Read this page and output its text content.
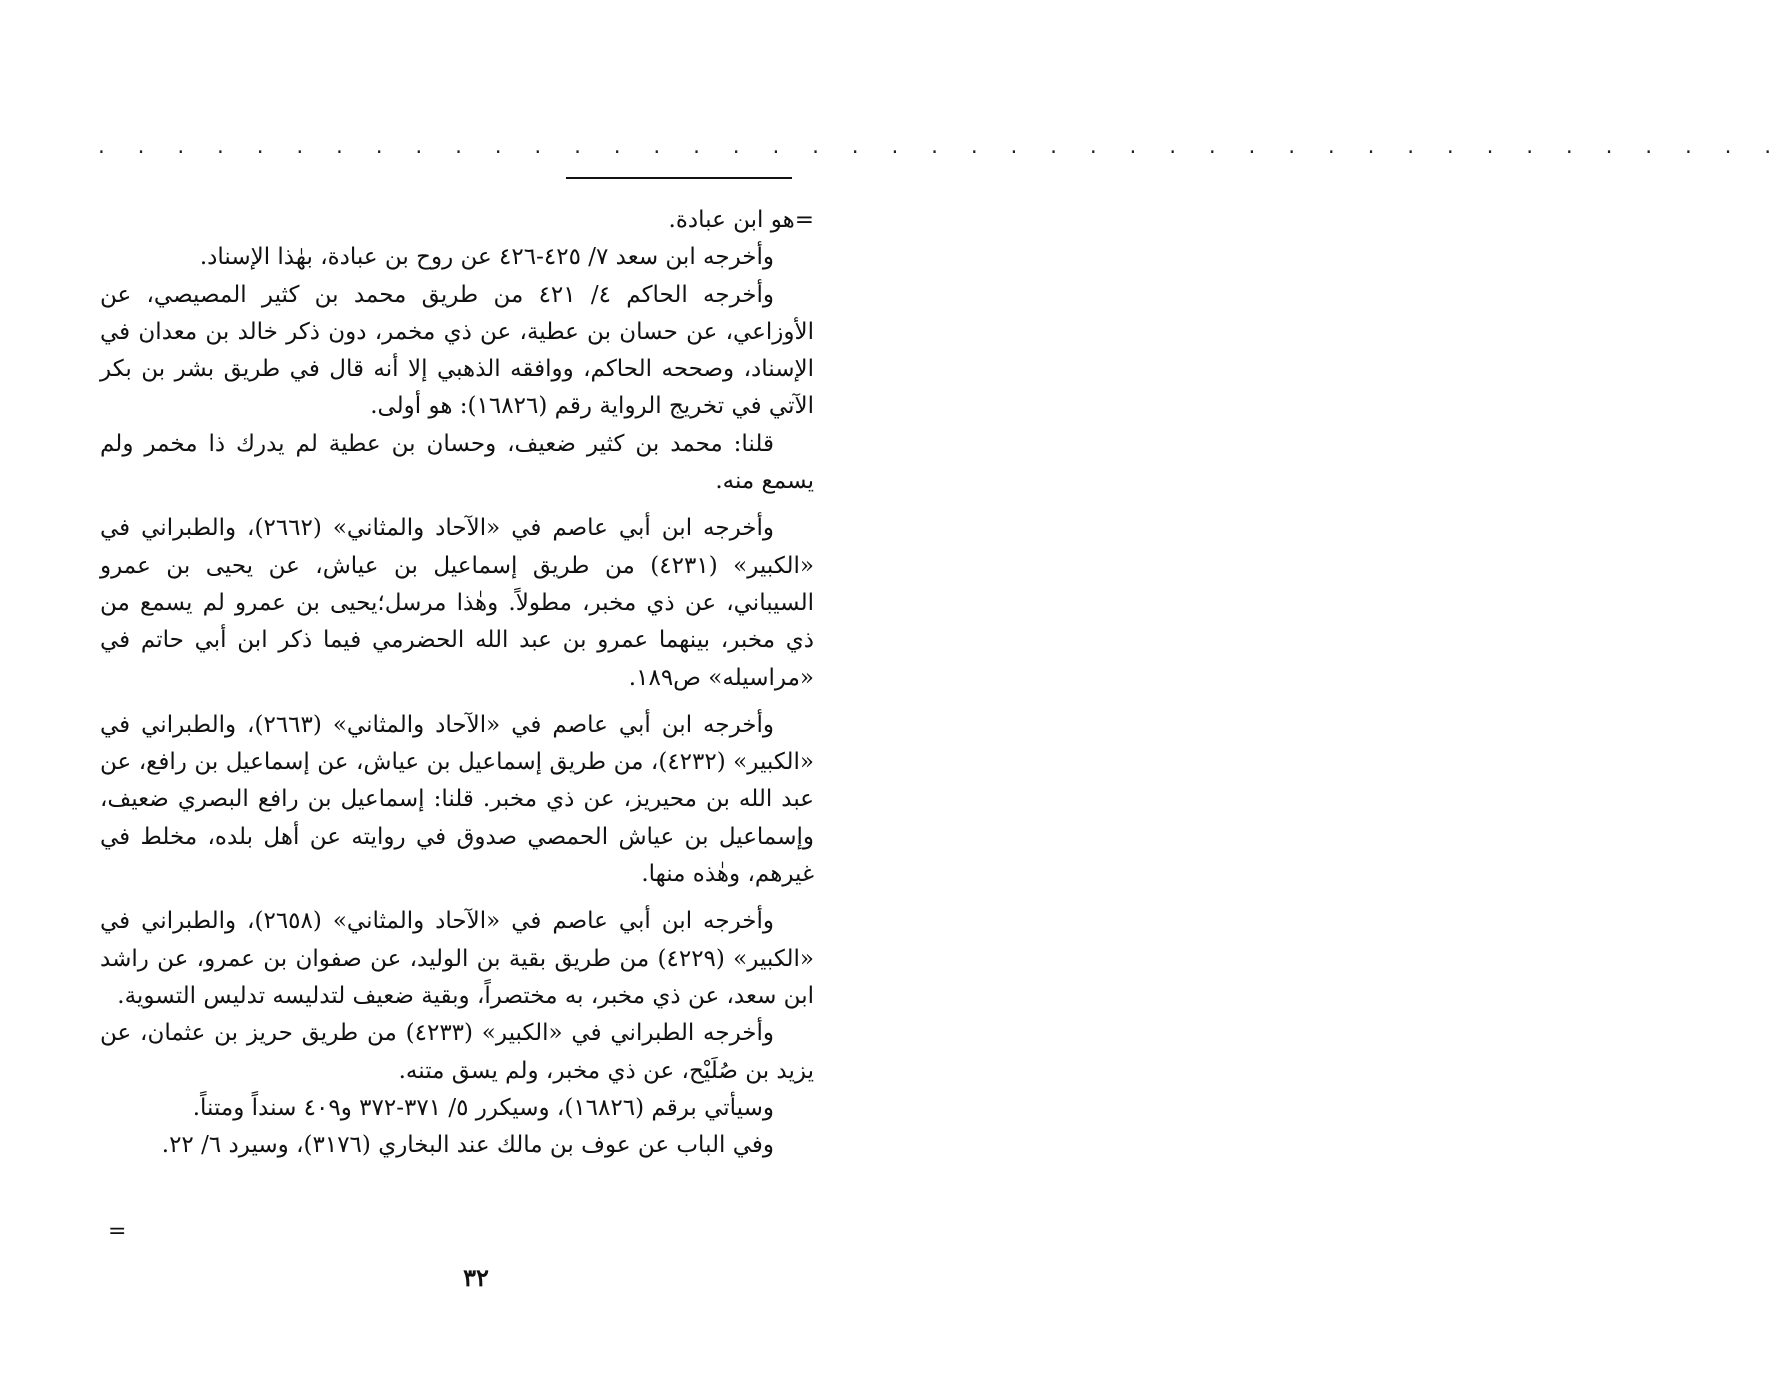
. . . . . . . . . . . . . . . . . . . . . . . . . . . . . . . . . . . . . . . . . . .

=هو ابن عبادة.

وأخرجه ابن سعد ٧/ ٤٢٥-٤٢٦ عن روح بن عبادة، بهٰذا الإسناد.

وأخرجه الحاكم ٤/ ٤٢١ من طريق محمد بن كثير المصيصي، عن الأوزاعي، عن حسان بن عطية، عن ذي مخمر، دون ذكر خالد بن معدان في الإسناد، وصححه الحاكم، ووافقه الذهبي إلا أنه قال في طريق بشر بن بكر الآتي في تخريج الرواية رقم (١٦٨٢٦): هو أولى.

قلنا: محمد بن كثير ضعيف، وحسان بن عطية لم يدرك ذا مخمر ولم يسمع منه.

وأخرجه ابن أبي عاصم في «الآحاد والمثاني» (٢٦٦٢)، والطبراني في «الكبير» (٤٢٣١) من طريق إسماعيل بن عياش، عن يحيى بن عمرو السيباني، عن ذي مخبر، مطولاً. وهٰذا مرسل؛يحيى بن عمرو لم يسمع من ذي مخبر، بينهما عمرو بن عبد الله الحضرمي فيما ذكر ابن أبي حاتم في «مراسيله» ص١٨٩.

وأخرجه ابن أبي عاصم في «الآحاد والمثاني» (٢٦٦٣)، والطبراني في «الكبير» (٤٢٣٢)، من طريق إسماعيل بن عياش، عن إسماعيل بن رافع، عن عبد الله بن محيريز، عن ذي مخبر. قلنا: إسماعيل بن رافع البصري ضعيف، وإسماعيل بن عياش الحمصي صدوق في روايته عن أهل بلده، مخلط في غيرهم، وهٰذه منها.

وأخرجه ابن أبي عاصم في «الآحاد والمثاني» (٢٦٥٨)، والطبراني في «الكبير» (٤٢٢٩) من طريق بقية بن الوليد، عن صفوان بن عمرو، عن راشد ابن سعد، عن ذي مخبر، به مختصراً، وبقية ضعيف لتدليسه تدليس التسوية.

وأخرجه الطبراني في «الكبير» (٤٢٣٣) من طريق حريز بن عثمان، عن يزيد بن صُلَيْح، عن ذي مخبر، ولم يسق متنه.

وسيأتي برقم (١٦٨٢٦)، وسيكرر ٥/ ٣٧١-٣٧٢ و٤٠٩ سنداً ومتناً.

وفي الباب عن عوف بن مالك عند البخاري (٣١٧٦)، وسيرد ٦/ ٢٢.

=
٣٢
